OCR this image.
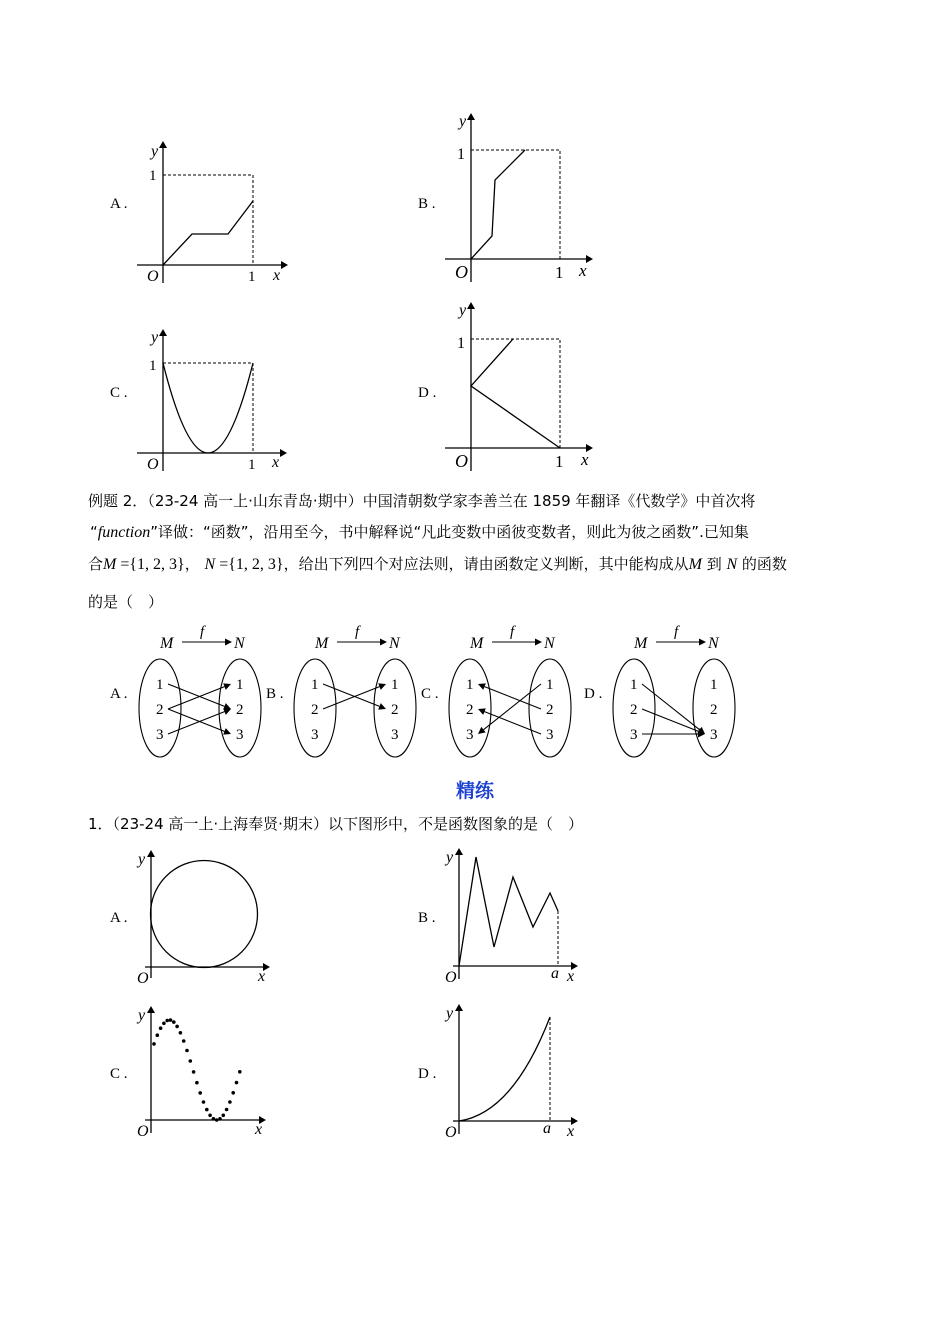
A .	B .
C .	D .
y
1
O	1 x
y
1
O	1 x
y
1
O	1 x
y
1
O	1 x
例题 2．（23-24 高一上·山东青岛·期中）中国清朝数学家李善兰在 1859 年翻译《代数学》中首次将
“function”译做：“函数”，沿用至今，书中解释说“凡此变数中函彼变数者，则此为彼之函数”.已知集
合M ={1, 2, 3}， N ={1, 2, 3}，给出下列四个对应法则，请由函数定义判断，其中能构成从M 到 N 的函数
的是（　）
A .	B .	C .	D .
M	N
f
1	1
2	2
3	3
M	N
f
1	1
2	2
3	3
M	N
f
1	1
2	2
3	3
M	N
f
1	1
2	2
3	3
精练
1．（23-24 高一上·上海奉贤·期末）以下图形中，不是函数图象的是（　）
A .	B .
C .	D .
y
O	x
y
O	a x
y
O	x
y
O	a x
